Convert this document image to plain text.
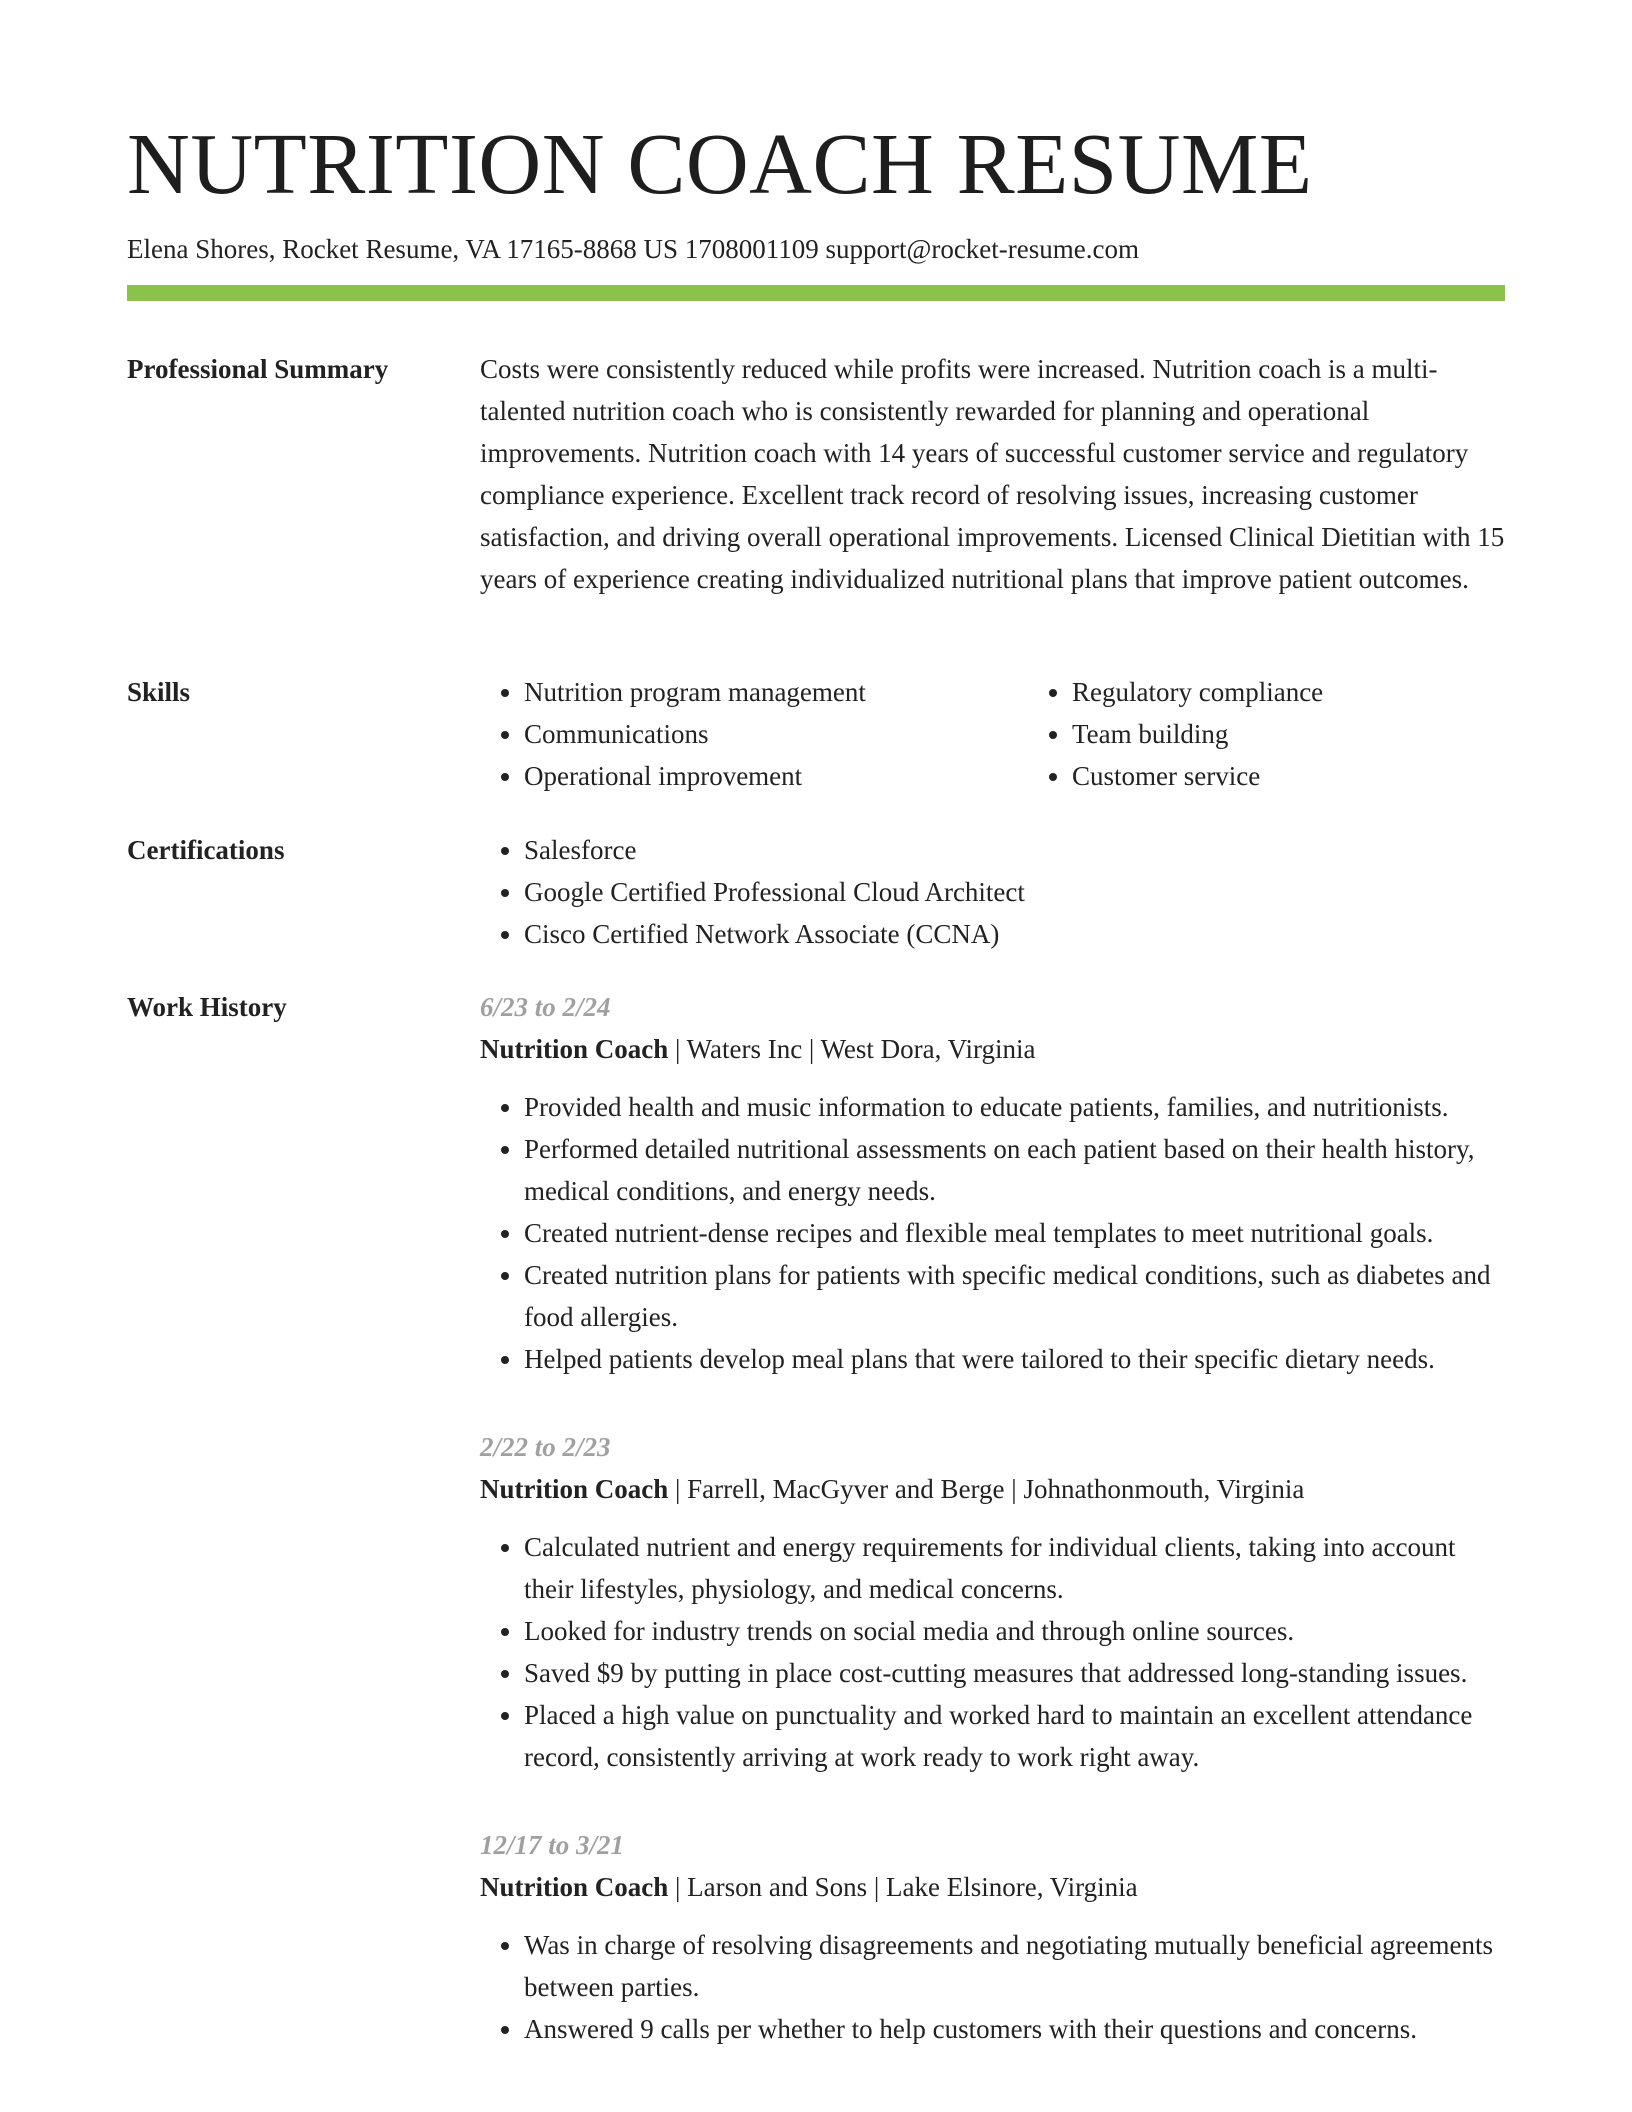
NUTRITION COACH RESUME
Elena Shores, Rocket Resume, VA 17165-8868 US 1708001109 support@rocket-resume.com
Professional Summary	Costs were consistently reduced while profits were increased. Nutrition coach is a multi-talented nutrition coach who is consistently rewarded for planning and operational improvements. Nutrition coach with 14 years of successful customer service and regulatory compliance experience. Excellent track record of resolving issues, increasing customer satisfaction, and driving overall operational improvements. Licensed Clinical Dietitian with 15 years of experience creating individualized nutritional plans that improve patient outcomes.

Skills	• Nutrition program management
• Communications
• Operational improvement
• Regulatory compliance
• Team building
• Customer service
Certifications	• Salesforce
• Google Certified Professional Cloud Architect
• Cisco Certified Network Associate (CCNA)
Work History	6/23 to 2/24
Nutrition Coach | Waters Inc | West Dora, Virginia
• Provided health and music information to educate patients, families, and nutritionists.
• Performed detailed nutritional assessments on each patient based on their health history, medical conditions, and energy needs.
• Created nutrient-dense recipes and flexible meal templates to meet nutritional goals.
• Created nutrition plans for patients with specific medical conditions, such as diabetes and food allergies.
• Helped patients develop meal plans that were tailored to their specific dietary needs.
2/22 to 2/23
Nutrition Coach | Farrell, MacGyver and Berge | Johnathonmouth, Virginia
• Calculated nutrient and energy requirements for individual clients, taking into account their lifestyles, physiology, and medical concerns.
• Looked for industry trends on social media and through online sources.
• Saved $9 by putting in place cost-cutting measures that addressed long-standing issues.
• Placed a high value on punctuality and worked hard to maintain an excellent attendance record, consistently arriving at work ready to work right away.
12/17 to 3/21
Nutrition Coach | Larson and Sons | Lake Elsinore, Virginia
• Was in charge of resolving disagreements and negotiating mutually beneficial agreements between parties.
• Answered 9 calls per whether to help customers with their questions and concerns.
